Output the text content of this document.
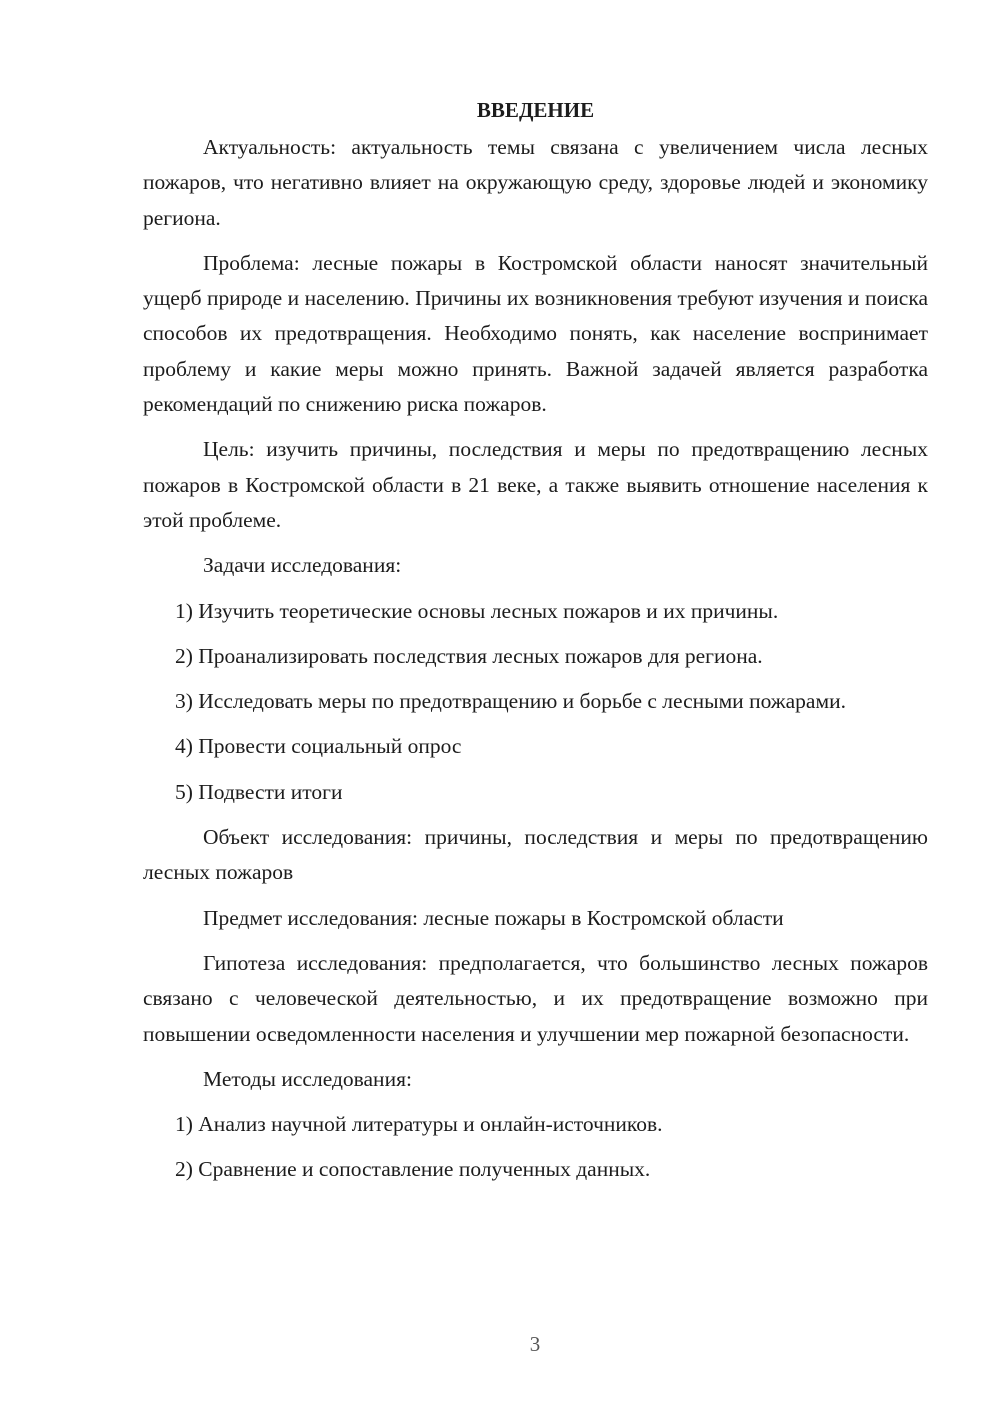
ВВЕДЕНИЕ

Актуальность: актуальность темы связана с увеличением числа лесных пожаров, что негативно влияет на окружающую среду, здоровье людей и экономику региона.

Проблема: лесные пожары в Костромской области наносят значительный ущерб природе и населению. Причины их возникновения требуют изучения и поиска способов их предотвращения. Необходимо понять, как население воспринимает проблему и какие меры можно принять. Важной задачей является разработка рекомендаций по снижению риска пожаров.

Цель: изучить причины, последствия и меры по предотвращению лесных пожаров в Костромской области в 21 веке, а также выявить отношение населения к этой проблеме.

Задачи исследования:

1) Изучить теоретические основы лесных пожаров и их причины.

2) Проанализировать последствия лесных пожаров для региона.

3) Исследовать меры по предотвращению и борьбе с лесными пожарами.

4) Провести социальный опрос

5) Подвести итоги

Объект исследования: причины, последствия и меры по предотвращению лесных пожаров

Предмет исследования: лесные пожары в Костромской области

Гипотеза исследования: предполагается, что большинство лесных пожаров связано с человеческой деятельностью, и их предотвращение возможно при повышении осведомленности населения и улучшении мер пожарной безопасности.

Методы исследования:

1) Анализ научной литературы и онлайн-источников.

2) Сравнение и сопоставление полученных данных.

3
